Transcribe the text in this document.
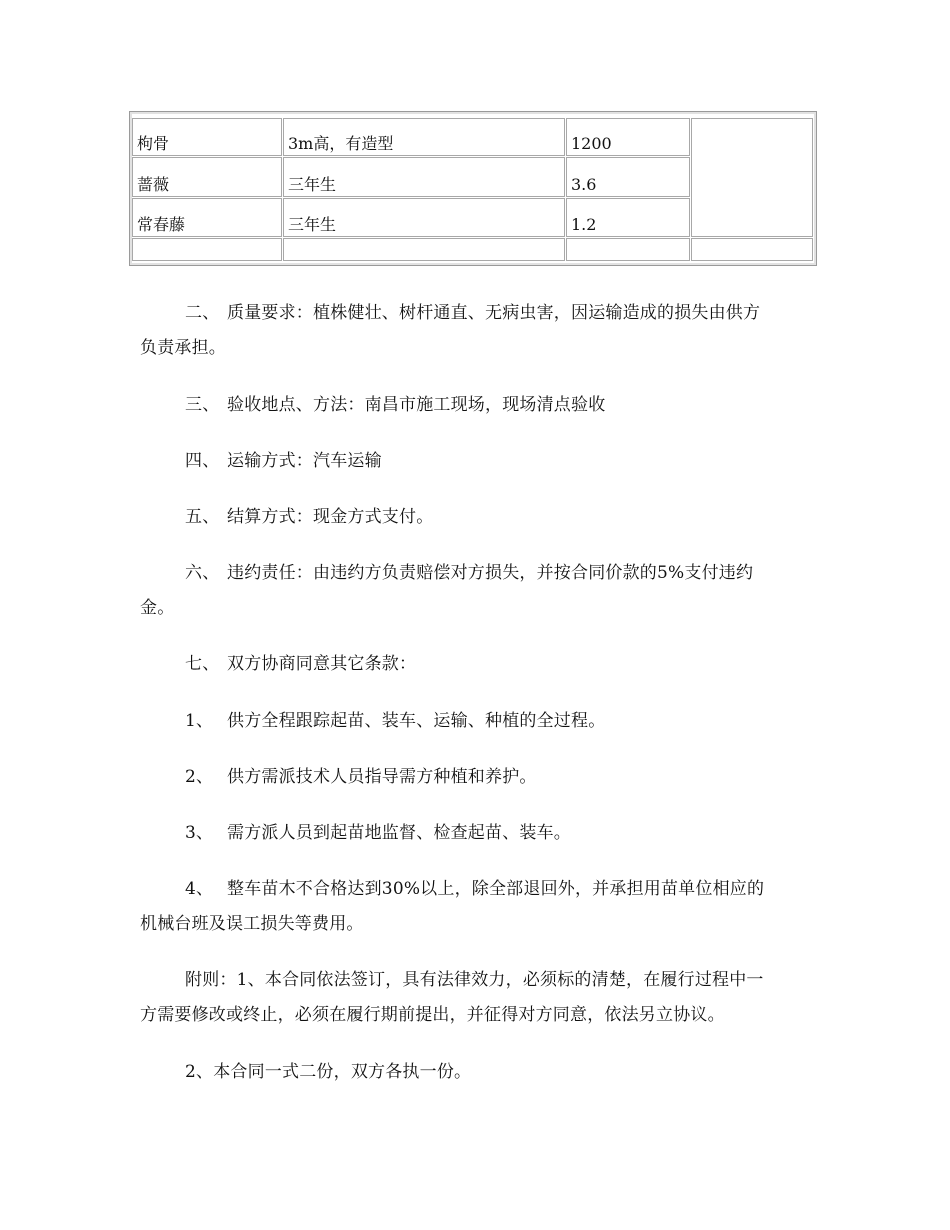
枸骨	3m高，有造型	1200
蔷薇	三年生	3.6
常春藤	三年生	1.2
二、 质量要求：植株健壮、树杆通直、无病虫害，因运输造成的损失由供方
负责承担。
三、 验收地点、方法：南昌市施工现场，现场清点验收
四、 运输方式：汽车运输
五、 结算方式：现金方式支付。
六、 违约责任：由违约方负责赔偿对方损失，并按合同价款的5%支付违约
金。
七、 双方协商同意其它条款：
1、 供方全程跟踪起苗、装车、运输、种植的全过程。
2、 供方需派技术人员指导需方种植和养护。
3、 需方派人员到起苗地监督、检查起苗、装车。
4、 整车苗木不合格达到30%以上，除全部退回外，并承担用苗单位相应的
机械台班及误工损失等费用。
附则：1、本合同依法签订，具有法律效力，必须标的清楚，在履行过程中一
方需要修改或终止，必须在履行期前提出，并征得对方同意，依法另立协议。
2、本合同一式二份，双方各执一份。
